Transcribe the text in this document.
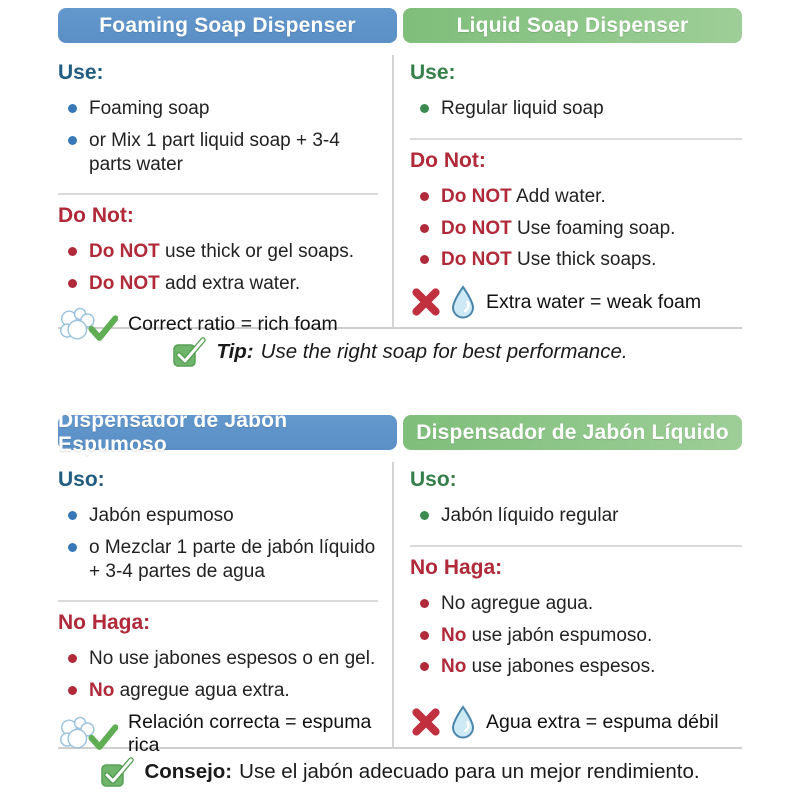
Foaming Soap Dispenser	Liquid Soap Dispenser
Use:
Foaming soap
or Mix 1 part liquid soap + 3-4 parts water
Do Not:
Do NOT use thick or gel soaps.
Do NOT add extra water.
Correct ratio = rich foam
Use:
Regular liquid soap
Do Not:
Do NOT Add water.
Do NOT Use foaming soap.
Do NOT Use thick soaps.
Extra water = weak foam
Tip: Use the right soap for best performance.
Dispensador de Jabón Espumoso
Dispensador de Jabón Líquido
Uso:
Jabón espumoso
o Mezclar 1 parte de jabón líquido + 3-4 partes de agua
No Haga:
No use jabones espesos o en gel.
No agregue agua extra.
Relación correcta = espuma rica
Uso:
Jabón líquido regular
No Haga:
No agregue agua.
No use jabón espumoso.
No use jabones espesos.
Agua extra = espuma débil
Consejo: Use el jabón adecuado para un mejor rendimiento.
